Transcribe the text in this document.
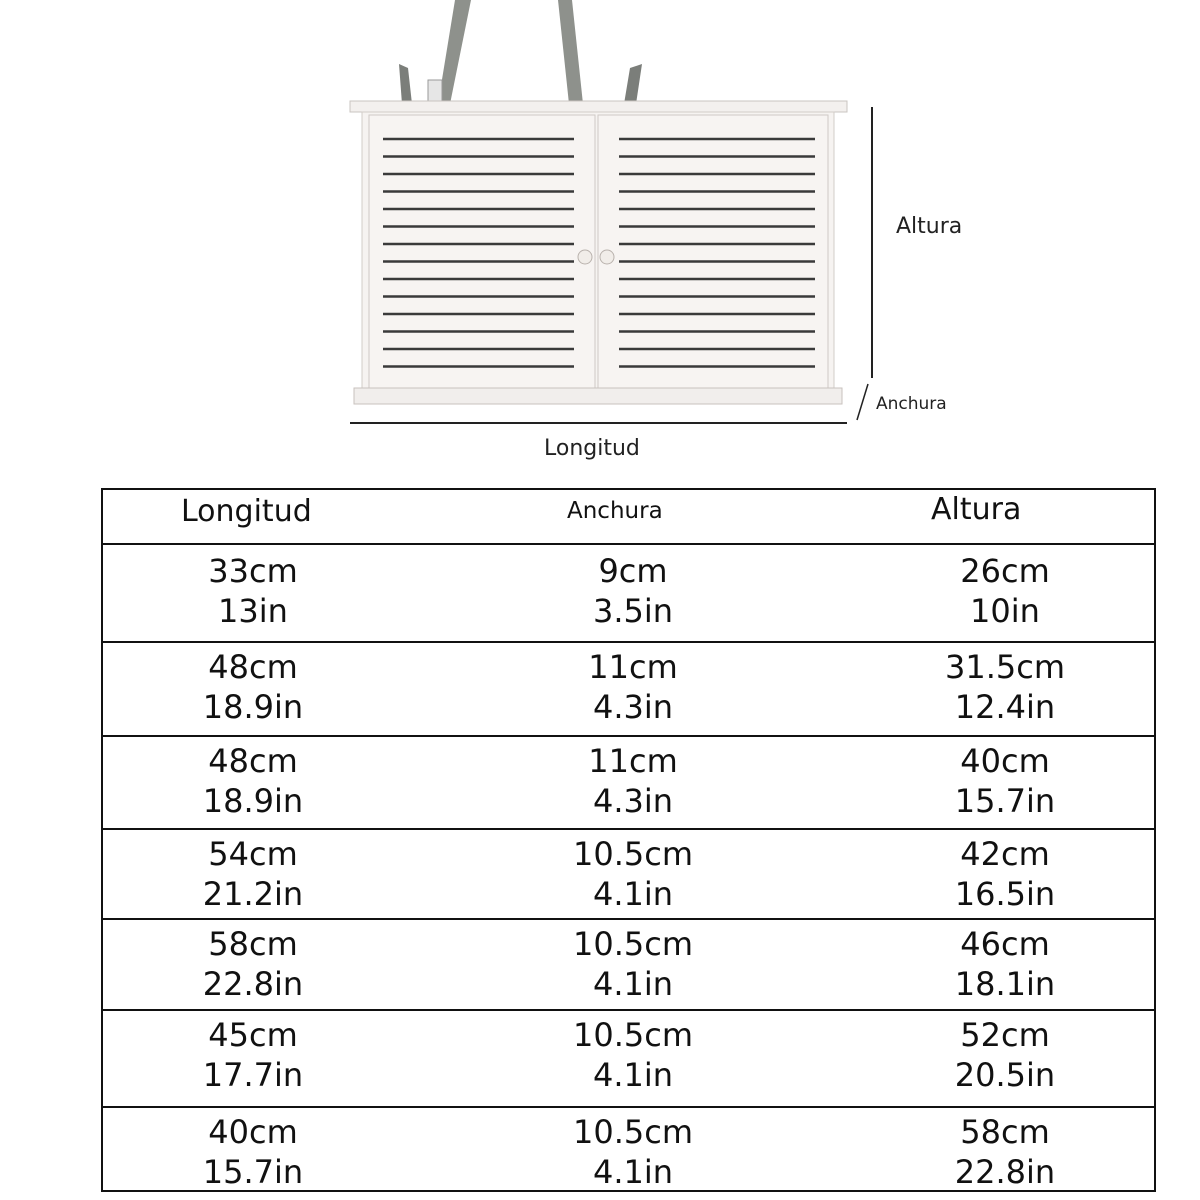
Altura
Anchura
Longitud
Longitud	Anchura	Altura
33cm
13in
9cm
3.5in
26cm
10in
48cm
18.9in
11cm
4.3in
31.5cm
12.4in
48cm
18.9in
11cm
4.3in
40cm
15.7in
54cm
21.2in
10.5cm
4.1in
42cm
16.5in
58cm
22.8in
10.5cm
4.1in
46cm
18.1in
45cm
17.7in
10.5cm
4.1in
52cm
20.5in
40cm
15.7in
10.5cm
4.1in
58cm
22.8in
